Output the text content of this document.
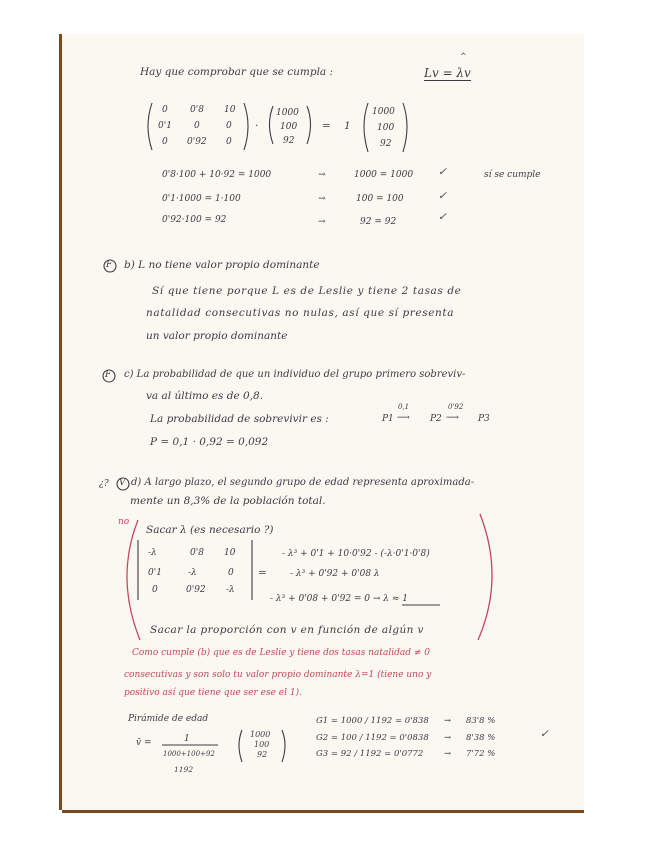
Hay que comprobar que se cumpla :
^
Lv = λv
0 0'8 10
0'1 0	0
0 0'92 0
·
1000
100
92
= 1
1000
100
92
0'8·100 + 10·92 = 1000	→	1000 = 1000 ✓	sí se cumple
0'1·1000 = 1·100	→	100 = 100	✓
0'92·100 = 92	→	92 = 92	✓
F b) L no tiene valor propio dominante
Sí que tiene porque L es de Leslie y tiene 2 tasas de
natalidad consecutivas no nulas, así que sí presenta
un valor propio dominante
F c) La probabilidad de que un individuo del grupo primero sobreviv-
va al último es de 0,8.
La probabilidad de sobrevivir es :	P1
0,1
⟶ P2
0'92
⟶ P3
P = 0,1 · 0,92 = 0,092
¿? V d) A largo plazo, el segundo grupo de edad representa aproximada-
mente un 8,3% de la población total.
no
Sacar λ (es necesario ?)
-λ	0'8 10
0'1	-λ	0
0	0'92 -λ
=
- λ³ + 0'1 + 10·0'92 - (-λ·0'1·0'8)
- λ³ + 0'92 + 0'08 λ
- λ³ + 0'08 + 0'92 = 0 → λ ≈ 1
Sacar la proporción con v en función de algún v
Como cumple (b) que es de Leslie y tiene dos tasas natalidad ≠ 0
consecutivas y son solo tu valor propio dominante λ=1 (tiene uno y
positivo así que tiene que ser ese el 1).
Pirámide de edad
v̄ =	1
1000+100+92
1192
1000
100
92
G1 = 1000 / 1192 = 0'838 → 83'8 %
G2 = 100 / 1192 = 0'0838 → 8'38 %	✓
G3 = 92 / 1192 = 0'0772 → 7'72 %
